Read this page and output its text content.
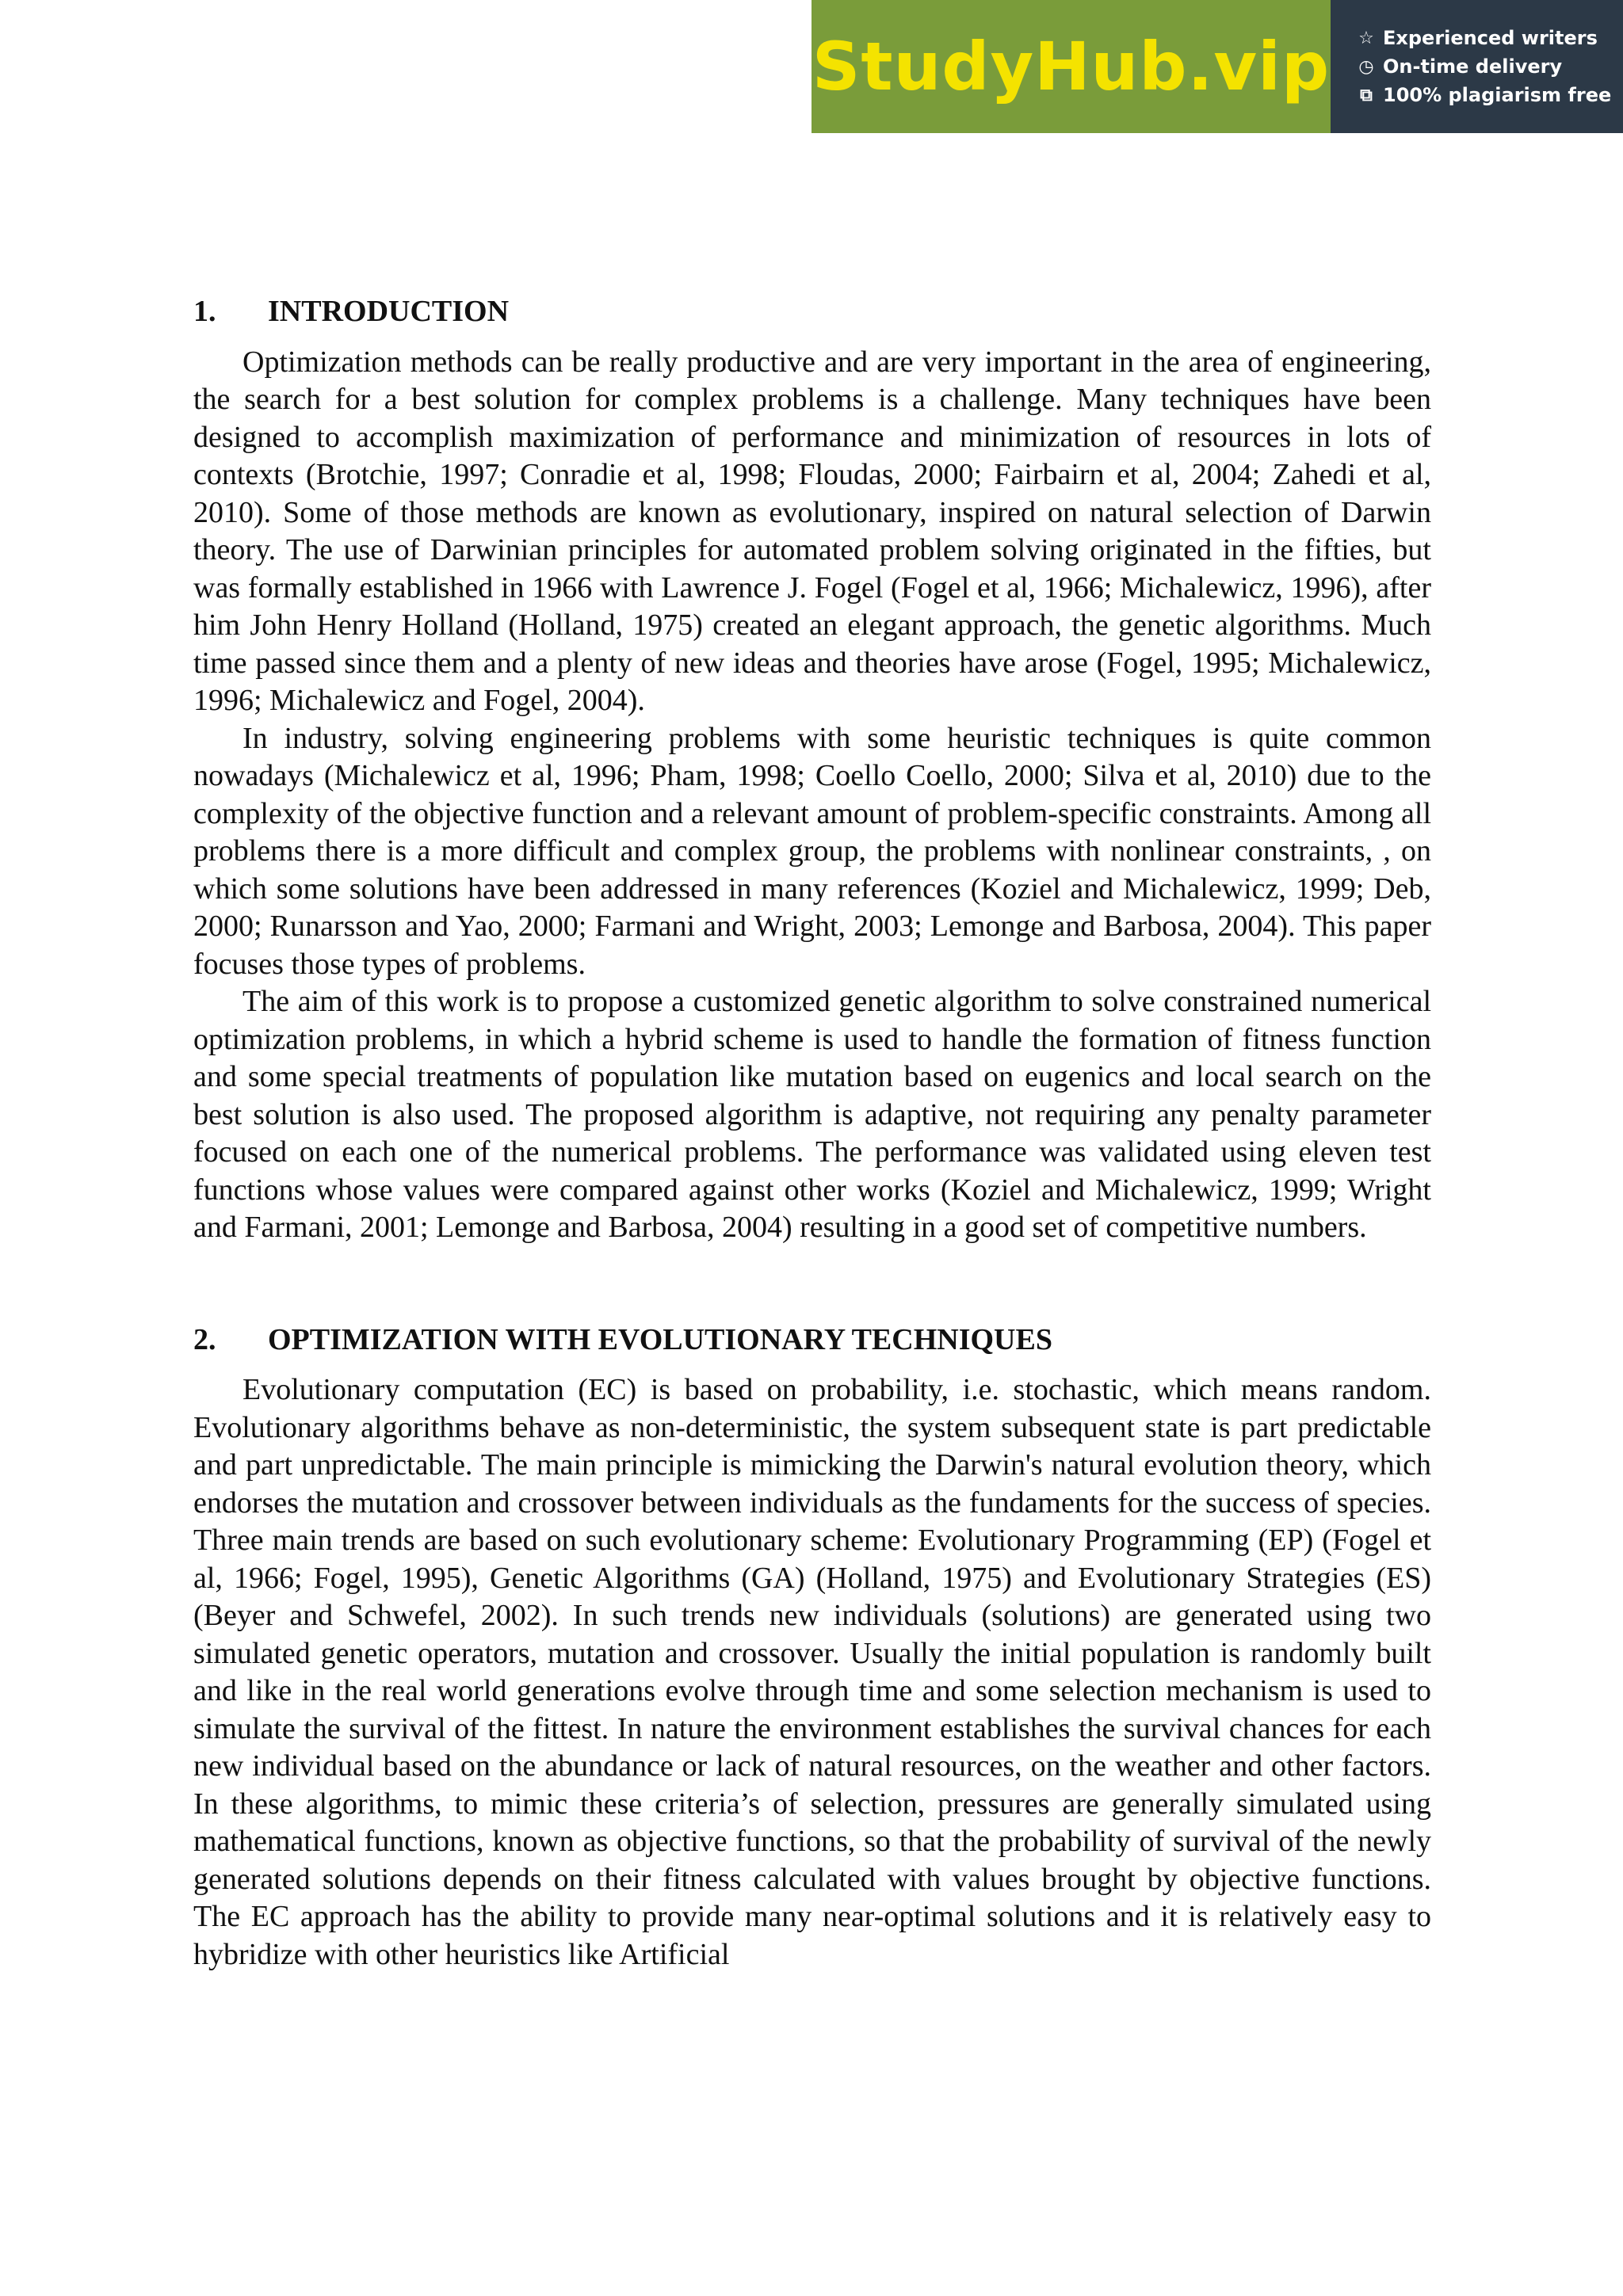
StudyHub.vip ☆ Experienced writers
◷ On-time delivery
⧉ 100% plagiarism free
1.	INTRODUCTION

Optimization methods can be really productive and are very important in the area of engineering, the search for a best solution for complex problems is a challenge. Many techniques have been designed to accomplish maximization of performance and minimization of resources in lots of contexts (Brotchie, 1997; Conradie et al, 1998; Floudas, 2000; Fairbairn et al, 2004; Zahedi et al, 2010). Some of those methods are known as evolutionary, inspired on natural selection of Darwin theory. The use of Darwinian principles for automated problem solving originated in the fifties, but was formally established in 1966 with Lawrence J. Fogel (Fogel et al, 1966; Michalewicz, 1996), after him John Henry Holland (Holland, 1975) created an elegant approach, the genetic algorithms. Much time passed since them and a plenty of new ideas and theories have arose (Fogel, 1995; Michalewicz, 1996; Michalewicz and Fogel, 2004).

In industry, solving engineering problems with some heuristic techniques is quite common nowadays (Michalewicz et al, 1996; Pham, 1998; Coello Coello, 2000; Silva et al, 2010) due to the complexity of the objective function and a relevant amount of problem-specific constraints. Among all problems there is a more difficult and complex group, the problems with nonlinear constraints, , on which some solutions have been addressed in many references (Koziel and Michalewicz, 1999; Deb, 2000; Runarsson and Yao, 2000; Farmani and Wright, 2003; Lemonge and Barbosa, 2004). This paper focuses those types of problems.

The aim of this work is to propose a customized genetic algorithm to solve constrained numerical optimization problems, in which a hybrid scheme is used to handle the formation of fitness function and some special treatments of population like mutation based on eugenics and local search on the best solution is also used. The proposed algorithm is adaptive, not requiring any penalty parameter focused on each one of the numerical problems. The performance was validated using eleven test functions whose values were compared against other works (Koziel and Michalewicz, 1999; Wright and Farmani, 2001; Lemonge and Barbosa, 2004) resulting in a good set of competitive numbers.

2.	OPTIMIZATION WITH EVOLUTIONARY TECHNIQUES

Evolutionary computation (EC) is based on probability, i.e. stochastic, which means random. Evolutionary algorithms behave as non-deterministic, the system subsequent state is part predictable and part unpredictable. The main principle is mimicking the Darwin's natural evolution theory, which endorses the mutation and crossover between individuals as the fundaments for the success of species. Three main trends are based on such evolutionary scheme: Evolutionary Programming (EP) (Fogel et al, 1966; Fogel, 1995), Genetic Algorithms (GA) (Holland, 1975) and Evolutionary Strategies (ES) (Beyer and Schwefel, 2002). In such trends new individuals (solutions) are generated using two simulated genetic operators, mutation and crossover. Usually the initial population is randomly built and like in the real world generations evolve through time and some selection mechanism is used to simulate the survival of the fittest. In nature the environment establishes the survival chances for each new individual based on the abundance or lack of natural resources, on the weather and other factors. In these algorithms, to mimic these criteria’s of selection, pressures are generally simulated using mathematical functions, known as objective functions, so that the probability of survival of the newly generated solutions depends on their fitness calculated with values brought by objective functions. The EC approach has the ability to provide many near-optimal solutions and it is relatively easy to hybridize with other heuristics like Artificial
